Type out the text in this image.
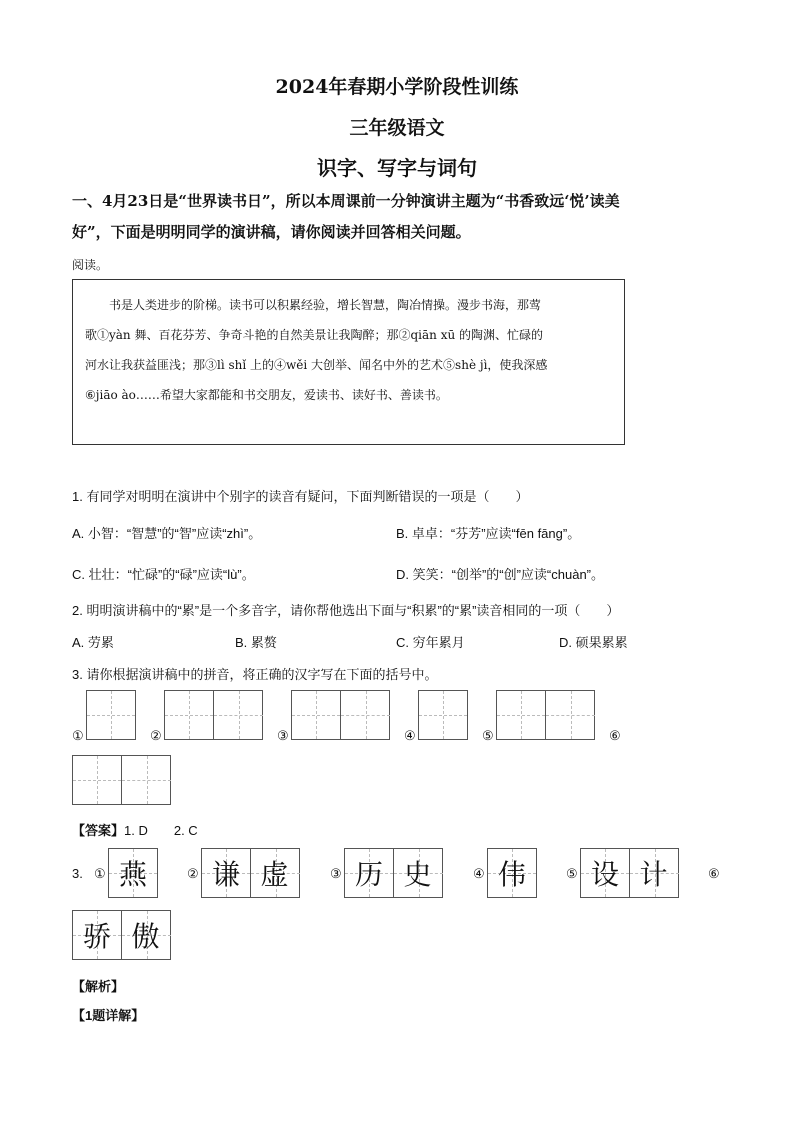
2024年春期小学阶段性训练
三年级语文
识字、写字与词句
一、4月23日是“世界读书日”，所以本周课前一分钟演讲主题为“书香致远‘悦’读美
好”，下面是明明同学的演讲稿，请你阅读并回答相关问题。
阅读。

书是人类进步的阶梯。读书可以积累经验，增长智慧，陶冶情操。漫步书海，那莺

歌①yàn 舞、百花芬芳、争奇斗艳的自然美景让我陶醉；那②qiān xū 的陶渊、忙碌的
河水让我获益匪浅；那③lì shǐ 上的④wěi 大创举、闻名中外的艺术⑤shè jì，使我深感
⑥jiāo ào……希望大家都能和书交朋友，爱读书、读好书、善读书。
1. 有同学对明明在演讲中个别字的读音有疑问，下面判断错误的一项是（　　）
A. 小智：“智慧”的“智”应读“zhì”。	B. 卓卓：“芬芳”应读“fēn fāng”。
C. 壮壮：“忙碌”的“碌”应读“lù”。	D. 笑笑：“创举”的“创”应读“chuàn”。
2. 明明演讲稿中的“累”是一个多音字，请你帮他选出下面与“积累”的“累”读音相同的一项（　　）
A. 劳累	B. 累赘	C. 穷年累月	D. 硕果累累
3. 请你根据演讲稿中的拼音，将正确的汉字写在下面的括号中。
①	②	③	④	⑤	⑥
【答案】1. D　　2. C
3. ① 燕	② 谦 虚	③ 历 史	④ 伟	⑤ 设 计	⑥
骄 傲
【解析】
【1题详解】
